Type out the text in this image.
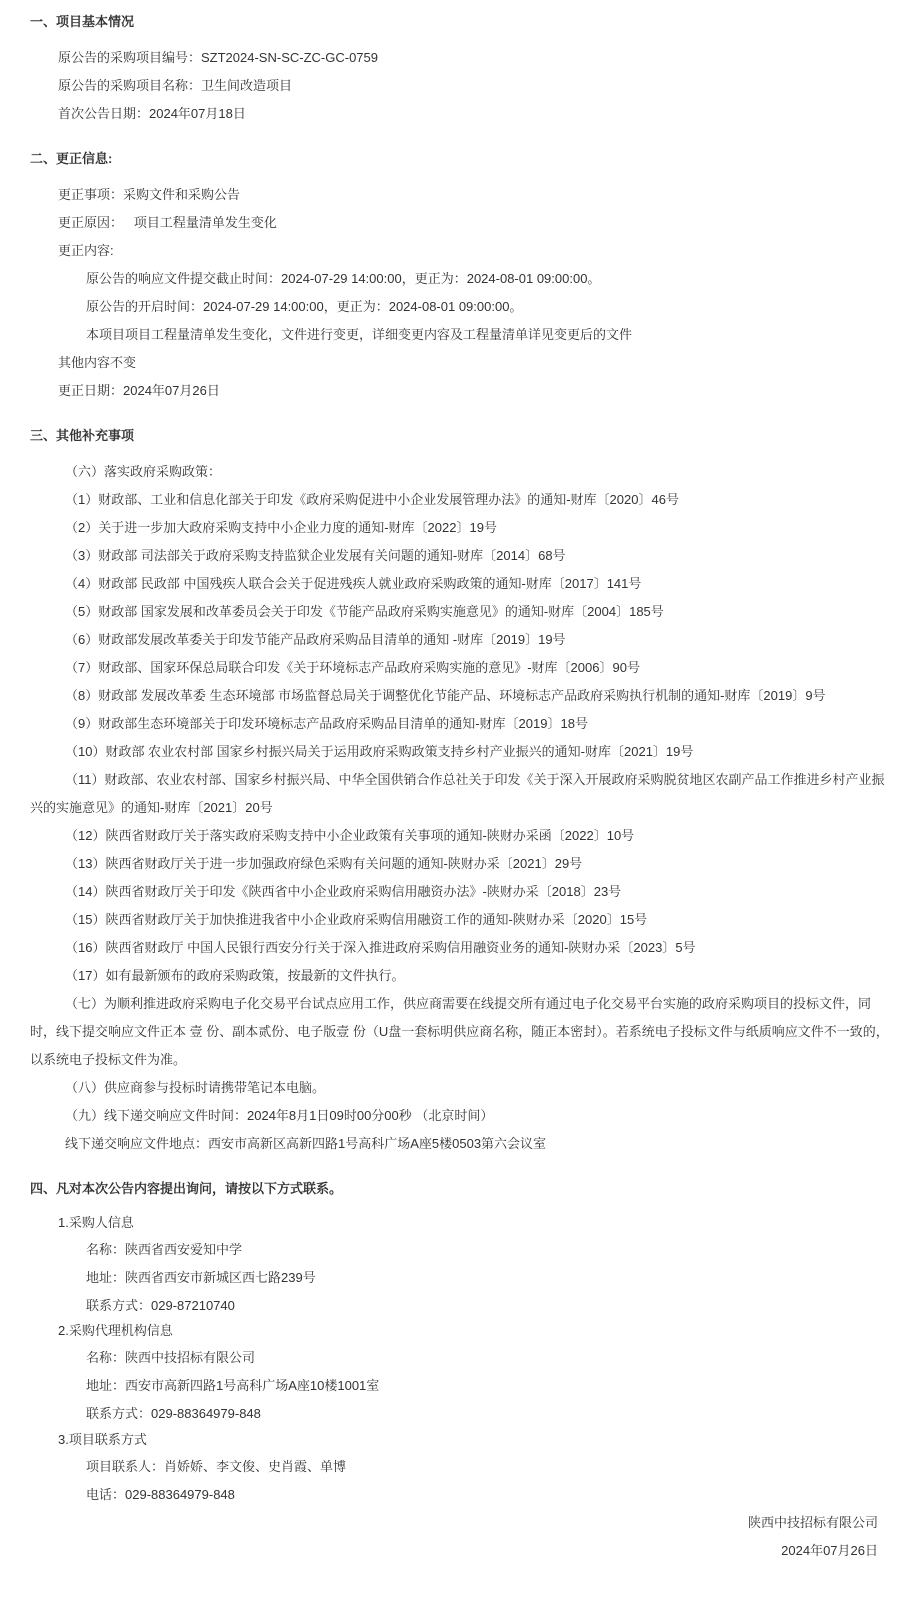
一、项目基本情况
原公告的采购项目编号：SZT2024-SN-SC-ZC-GC-0759
原公告的采购项目名称：卫生间改造项目
首次公告日期：2024年07月18日
二、更正信息:
更正事项：采购文件和采购公告
更正原因：   项目工程量清单发生变化
更正内容:
原公告的响应文件提交截止时间：2024-07-29 14:00:00，更正为：2024-08-01 09:00:00。
原公告的开启时间：2024-07-29 14:00:00，更正为：2024-08-01 09:00:00。
本项目项目工程量清单发生变化，文件进行变更，详细变更内容及工程量清单详见变更后的文件
其他内容不变
更正日期：2024年07月26日
三、其他补充事项
（六）落实政府采购政策：
（1）财政部、工业和信息化部关于印发《政府采购促进中小企业发展管理办法》的通知-财库〔2020〕46号
（2）关于进一步加大政府采购支持中小企业力度的通知-财库〔2022〕19号
（3）财政部 司法部关于政府采购支持监狱企业发展有关问题的通知-财库〔2014〕68号
（4）财政部 民政部 中国残疾人联合会关于促进残疾人就业政府采购政策的通知-财库〔2017〕141号
（5）财政部 国家发展和改革委员会关于印发《节能产品政府采购实施意见》的通知-财库〔2004〕185号
（6）财政部发展改革委关于印发节能产品政府采购品目清单的通知 -财库〔2019〕19号
（7）财政部、国家环保总局联合印发《关于环境标志产品政府采购实施的意见》-财库〔2006〕90号
（8）财政部 发展改革委 生态环境部 市场监督总局关于调整优化节能产品、环境标志产品政府采购执行机制的通知-财库〔2019〕9号
（9）财政部生态环境部关于印发环境标志产品政府采购品目清单的通知-财库〔2019〕18号
（10）财政部 农业农村部 国家乡村振兴局关于运用政府采购政策支持乡村产业振兴的通知-财库〔2021〕19号
（11）财政部、农业农村部、国家乡村振兴局、中华全国供销合作总社关于印发《关于深入开展政府采购脱贫地区农副产品工作推进乡村产业振兴的实施意见》的通知-财库〔2021〕20号
（12）陕西省财政厅关于落实政府采购支持中小企业政策有关事项的通知-陕财办采函〔2022〕10号
（13）陕西省财政厅关于进一步加强政府绿色采购有关问题的通知-陕财办采〔2021〕29号
（14）陕西省财政厅关于印发《陕西省中小企业政府采购信用融资办法》-陕财办采〔2018〕23号
（15）陕西省财政厅关于加快推进我省中小企业政府采购信用融资工作的通知-陕财办采〔2020〕15号
（16）陕西省财政厅 中国人民银行西安分行关于深入推进政府采购信用融资业务的通知-陕财办采〔2023〕5号
（17）如有最新颁布的政府采购政策，按最新的文件执行。
（七）为顺利推进政府采购电子化交易平台试点应用工作，供应商需要在线提交所有通过电子化交易平台实施的政府采购项目的投标文件，同时，线下提交响应文件正本 壹 份、副本贰份、电子版壹 份（U盘一套标明供应商名称，随正本密封）。若系统电子投标文件与纸质响应文件不一致的，以系统电子投标文件为准。
（八）供应商参与投标时请携带笔记本电脑。
（九）线下递交响应文件时间：2024年8月1日09时00分00秒 （北京时间）
线下递交响应文件地点：西安市高新区高新四路1号高科广场A座5楼0503第六会议室
四、凡对本次公告内容提出询问，请按以下方式联系。
1.采购人信息
名称：陕西省西安爱知中学
地址：陕西省西安市新城区西七路239号
联系方式：029-87210740
2.采购代理机构信息
名称：陕西中技招标有限公司
地址：西安市高新四路1号高科广场A座10楼1001室
联系方式：029-88364979-848
3.项目联系方式
项目联系人：肖娇娇、李文俊、史肖霞、单博
电话：029-88364979-848
陕西中技招标有限公司
2024年07月26日
